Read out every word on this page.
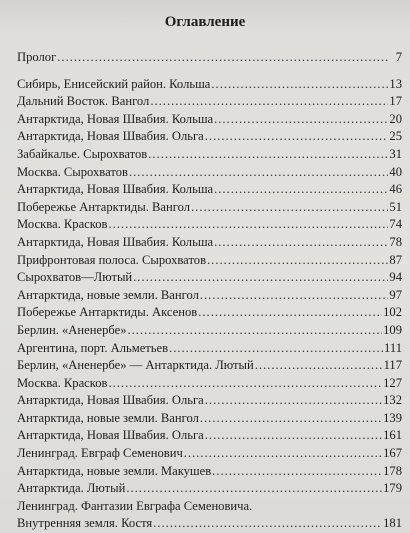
Оглавление
Пролог .....	7
Сибирь, Енисейский район. Кольша .....	13
Дальний Восток. Вангол .....	17
Антарктида, Новая Швабия. Кольша .....	20
Антарктида, Новая Швабия. Ольга .....	25
Забайкалье. Сырохватов .....	31
Москва. Сырохватов .....	40
Антарктида, Новая Швабия. Кольша .....	46
Побережье Антарктиды. Вангол .....	51
Москва. Красков .....	74
Антарктида, Новая Швабия. Кольша .....	78
Прифронтовая полоса. Сырохватов .....	87
Сырохватов—Лютый .....	94
Антарктида, новые земли. Вангол .....	97
Побережье Антарктиды. Аксенов .....	102
Берлин. «Аненербе» .....	109
Аргентина, порт. Альметьев .....	111
Берлин, «Аненербе» — Антарктида. Лютый .....	117
Москва. Красков .....	127
Антарктида, Новая Швабия. Ольга .....	132
Антарктида, новые земли. Вангол .....	139
Антарктида, Новая Швабия. Ольга .....	161
Ленинград. Евграф Семенович .....	167
Антарктида, новые земли. Макушев .....	178
Антарктида. Лютый .....	179
Ленинград. Фантазии Евграфа Семеновича.
Внутренняя земля. Костя .....	181
